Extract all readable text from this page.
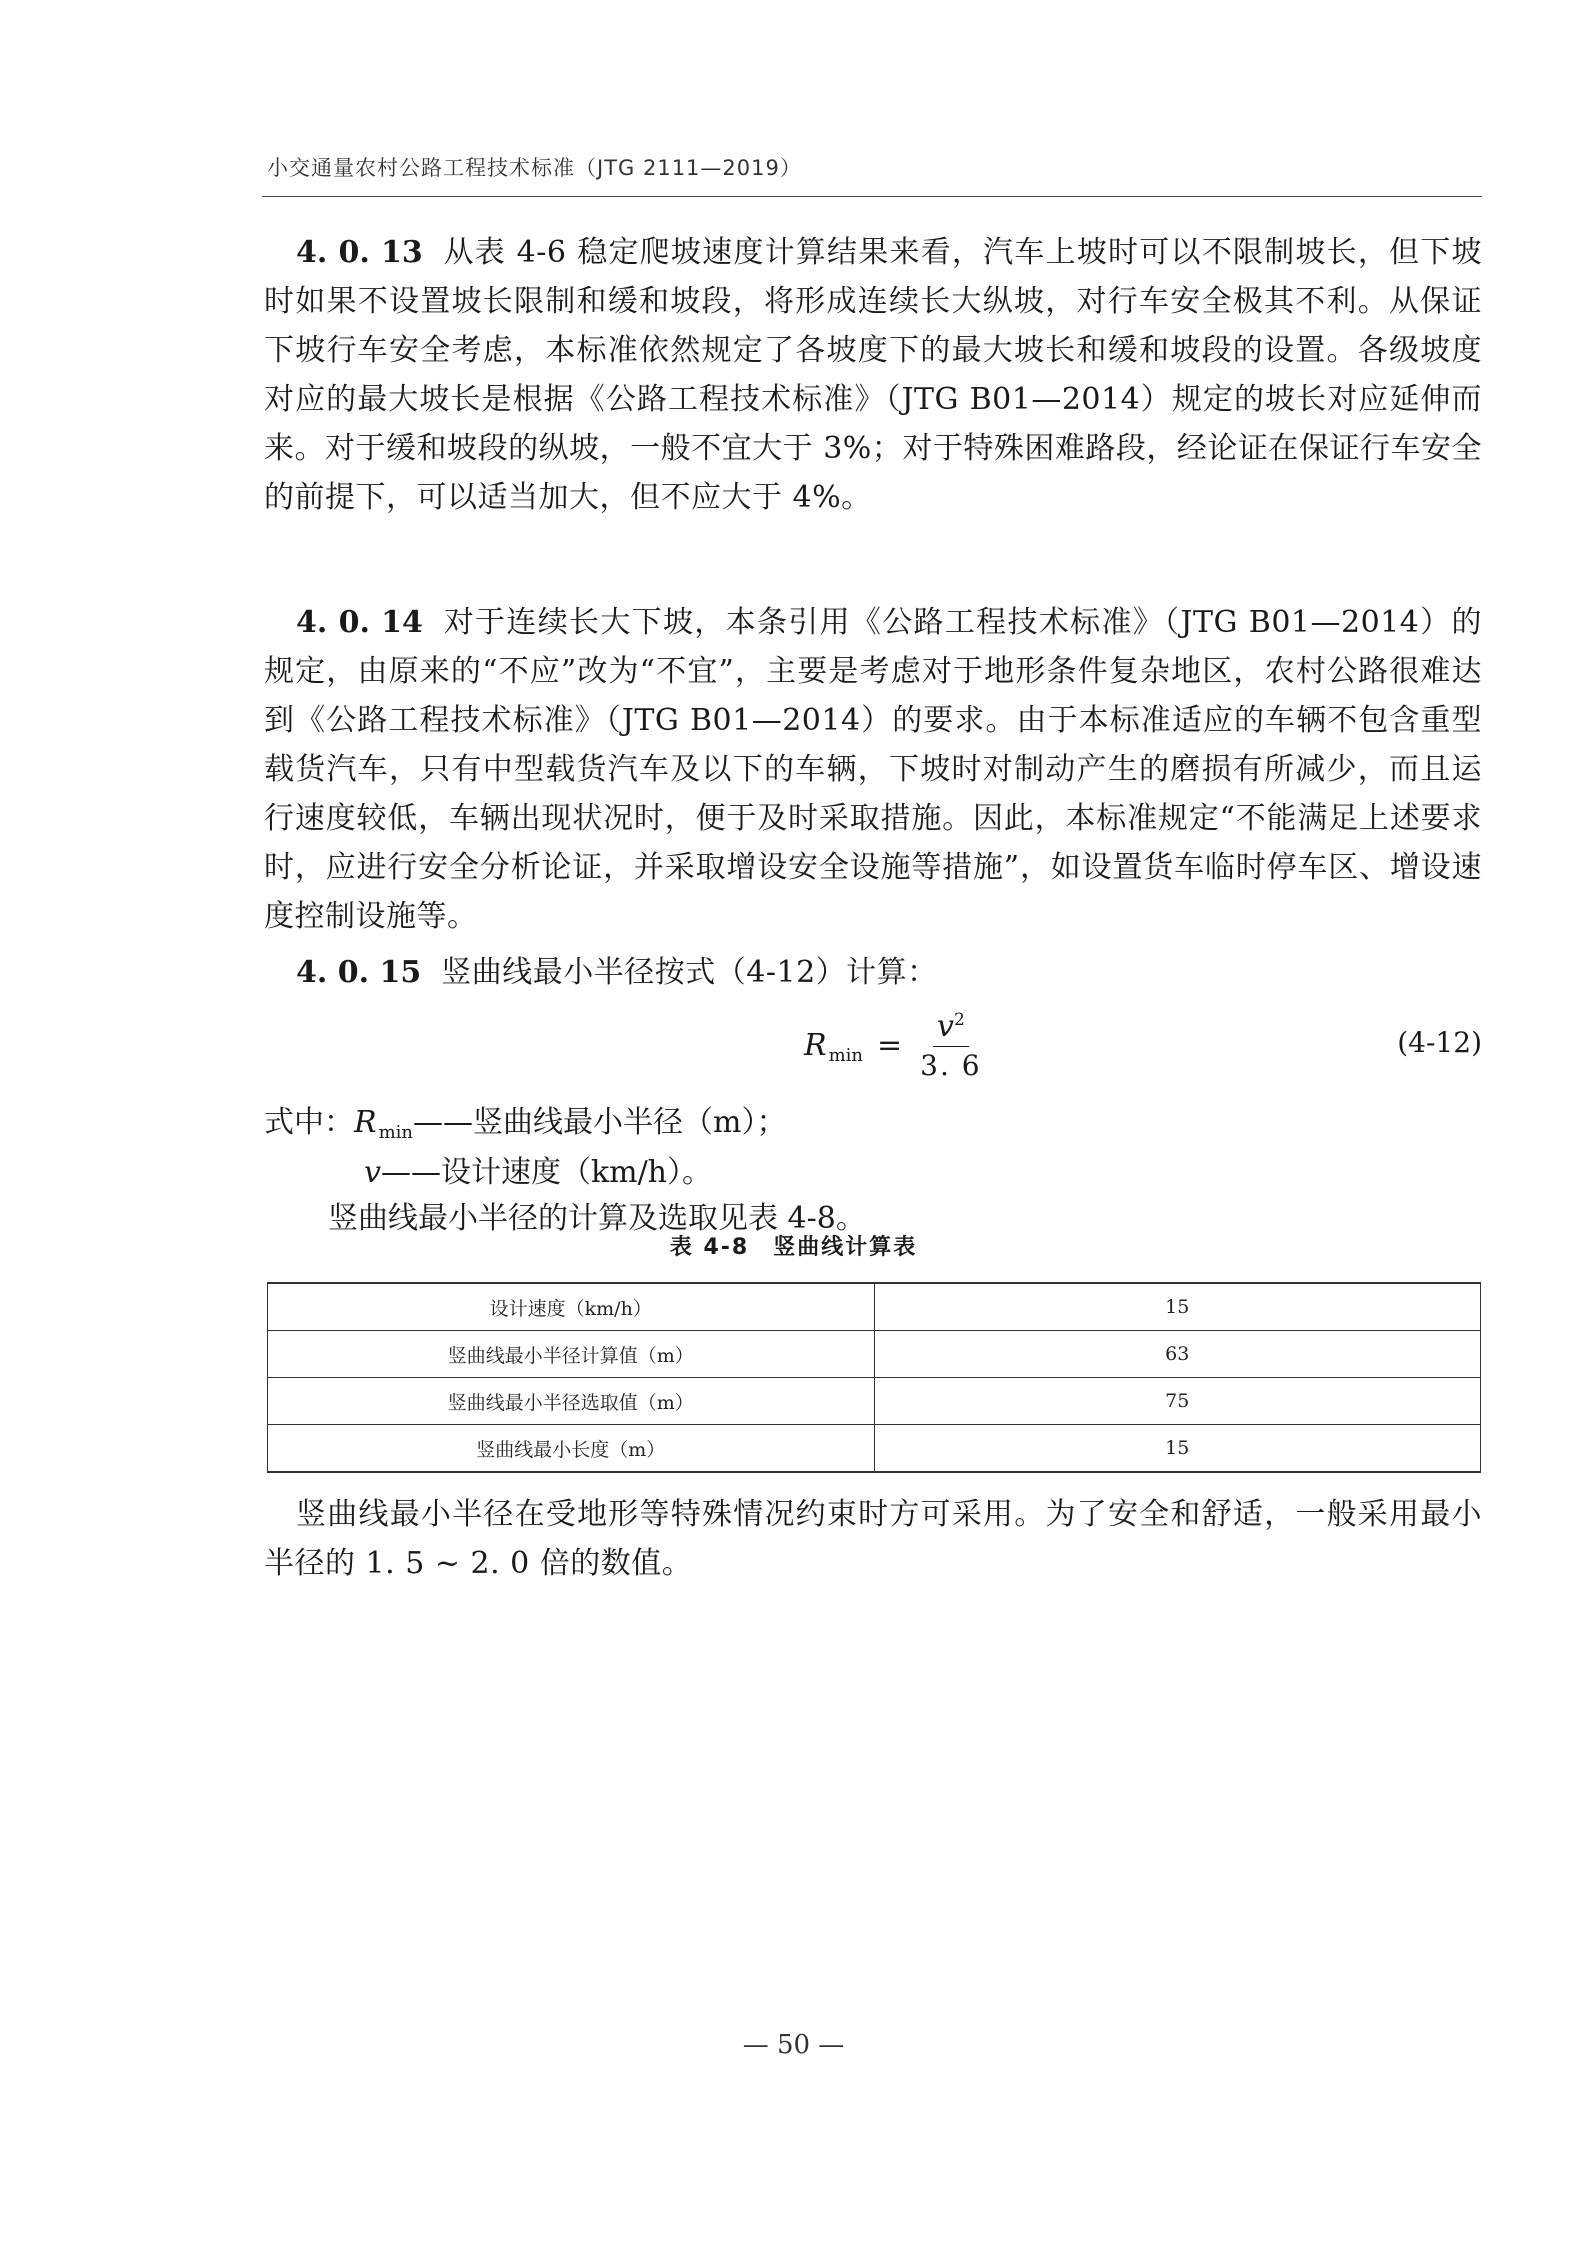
小交通量农村公路工程技术标准（JTG 2111—2019）
4. 0. 13 从表 4-6 稳定爬坡速度计算结果来看，汽车上坡时可以不限制坡长，但下坡时如果不设置坡长限制和缓和坡段，将形成连续长大纵坡，对行车安全极其不利。从保证下坡行车安全考虑，本标准依然规定了各坡度下的最大坡长和缓和坡段的设置。各级坡度对应的最大坡长是根据《公路工程技术标准》（JTG B01—2014）规定的坡长对应延伸而来。对于缓和坡段的纵坡，一般不宜大于 3%；对于特殊困难路段，经论证在保证行车安全的前提下，可以适当加大，但不应大于 4%。
4. 0. 14 对于连续长大下坡，本条引用《公路工程技术标准》（JTG B01—2014）的规定，由原来的“不应”改为“不宜”，主要是考虑对于地形条件复杂地区，农村公路很难达到《公路工程技术标准》（JTG B01—2014）的要求。由于本标准适应的车辆不包含重型载货汽车，只有中型载货汽车及以下的车辆，下坡时对制动产生的磨损有所减少，而且运行速度较低，车辆出现状况时，便于及时采取措施。因此，本标准规定“不能满足上述要求时，应进行安全分析论证，并采取增设安全设施等措施”，如设置货车临时停车区、增设速度控制设施等。
4. 0. 15 竖曲线最小半径按式（4-12）计算：
R $\min = \frac{v^2}{3. 6}$	(4-12)
式中：R $_{min}$——竖曲线最小半径（m）；
v——设计速度（km/h）。
竖曲线最小半径的计算及选取见表 4-8。
表 4-8　竖曲线计算表
设计速度（km/h）	15
竖曲线最小半径计算值（m）	63
竖曲线最小半径选取值（m）	75
竖曲线最小长度（m）	15
竖曲线最小半径在受地形等特殊情况约束时方可采用。为了安全和舒适，一般采用最小半径的 1. 5 ~ 2. 0 倍的数值。
— 50 —
